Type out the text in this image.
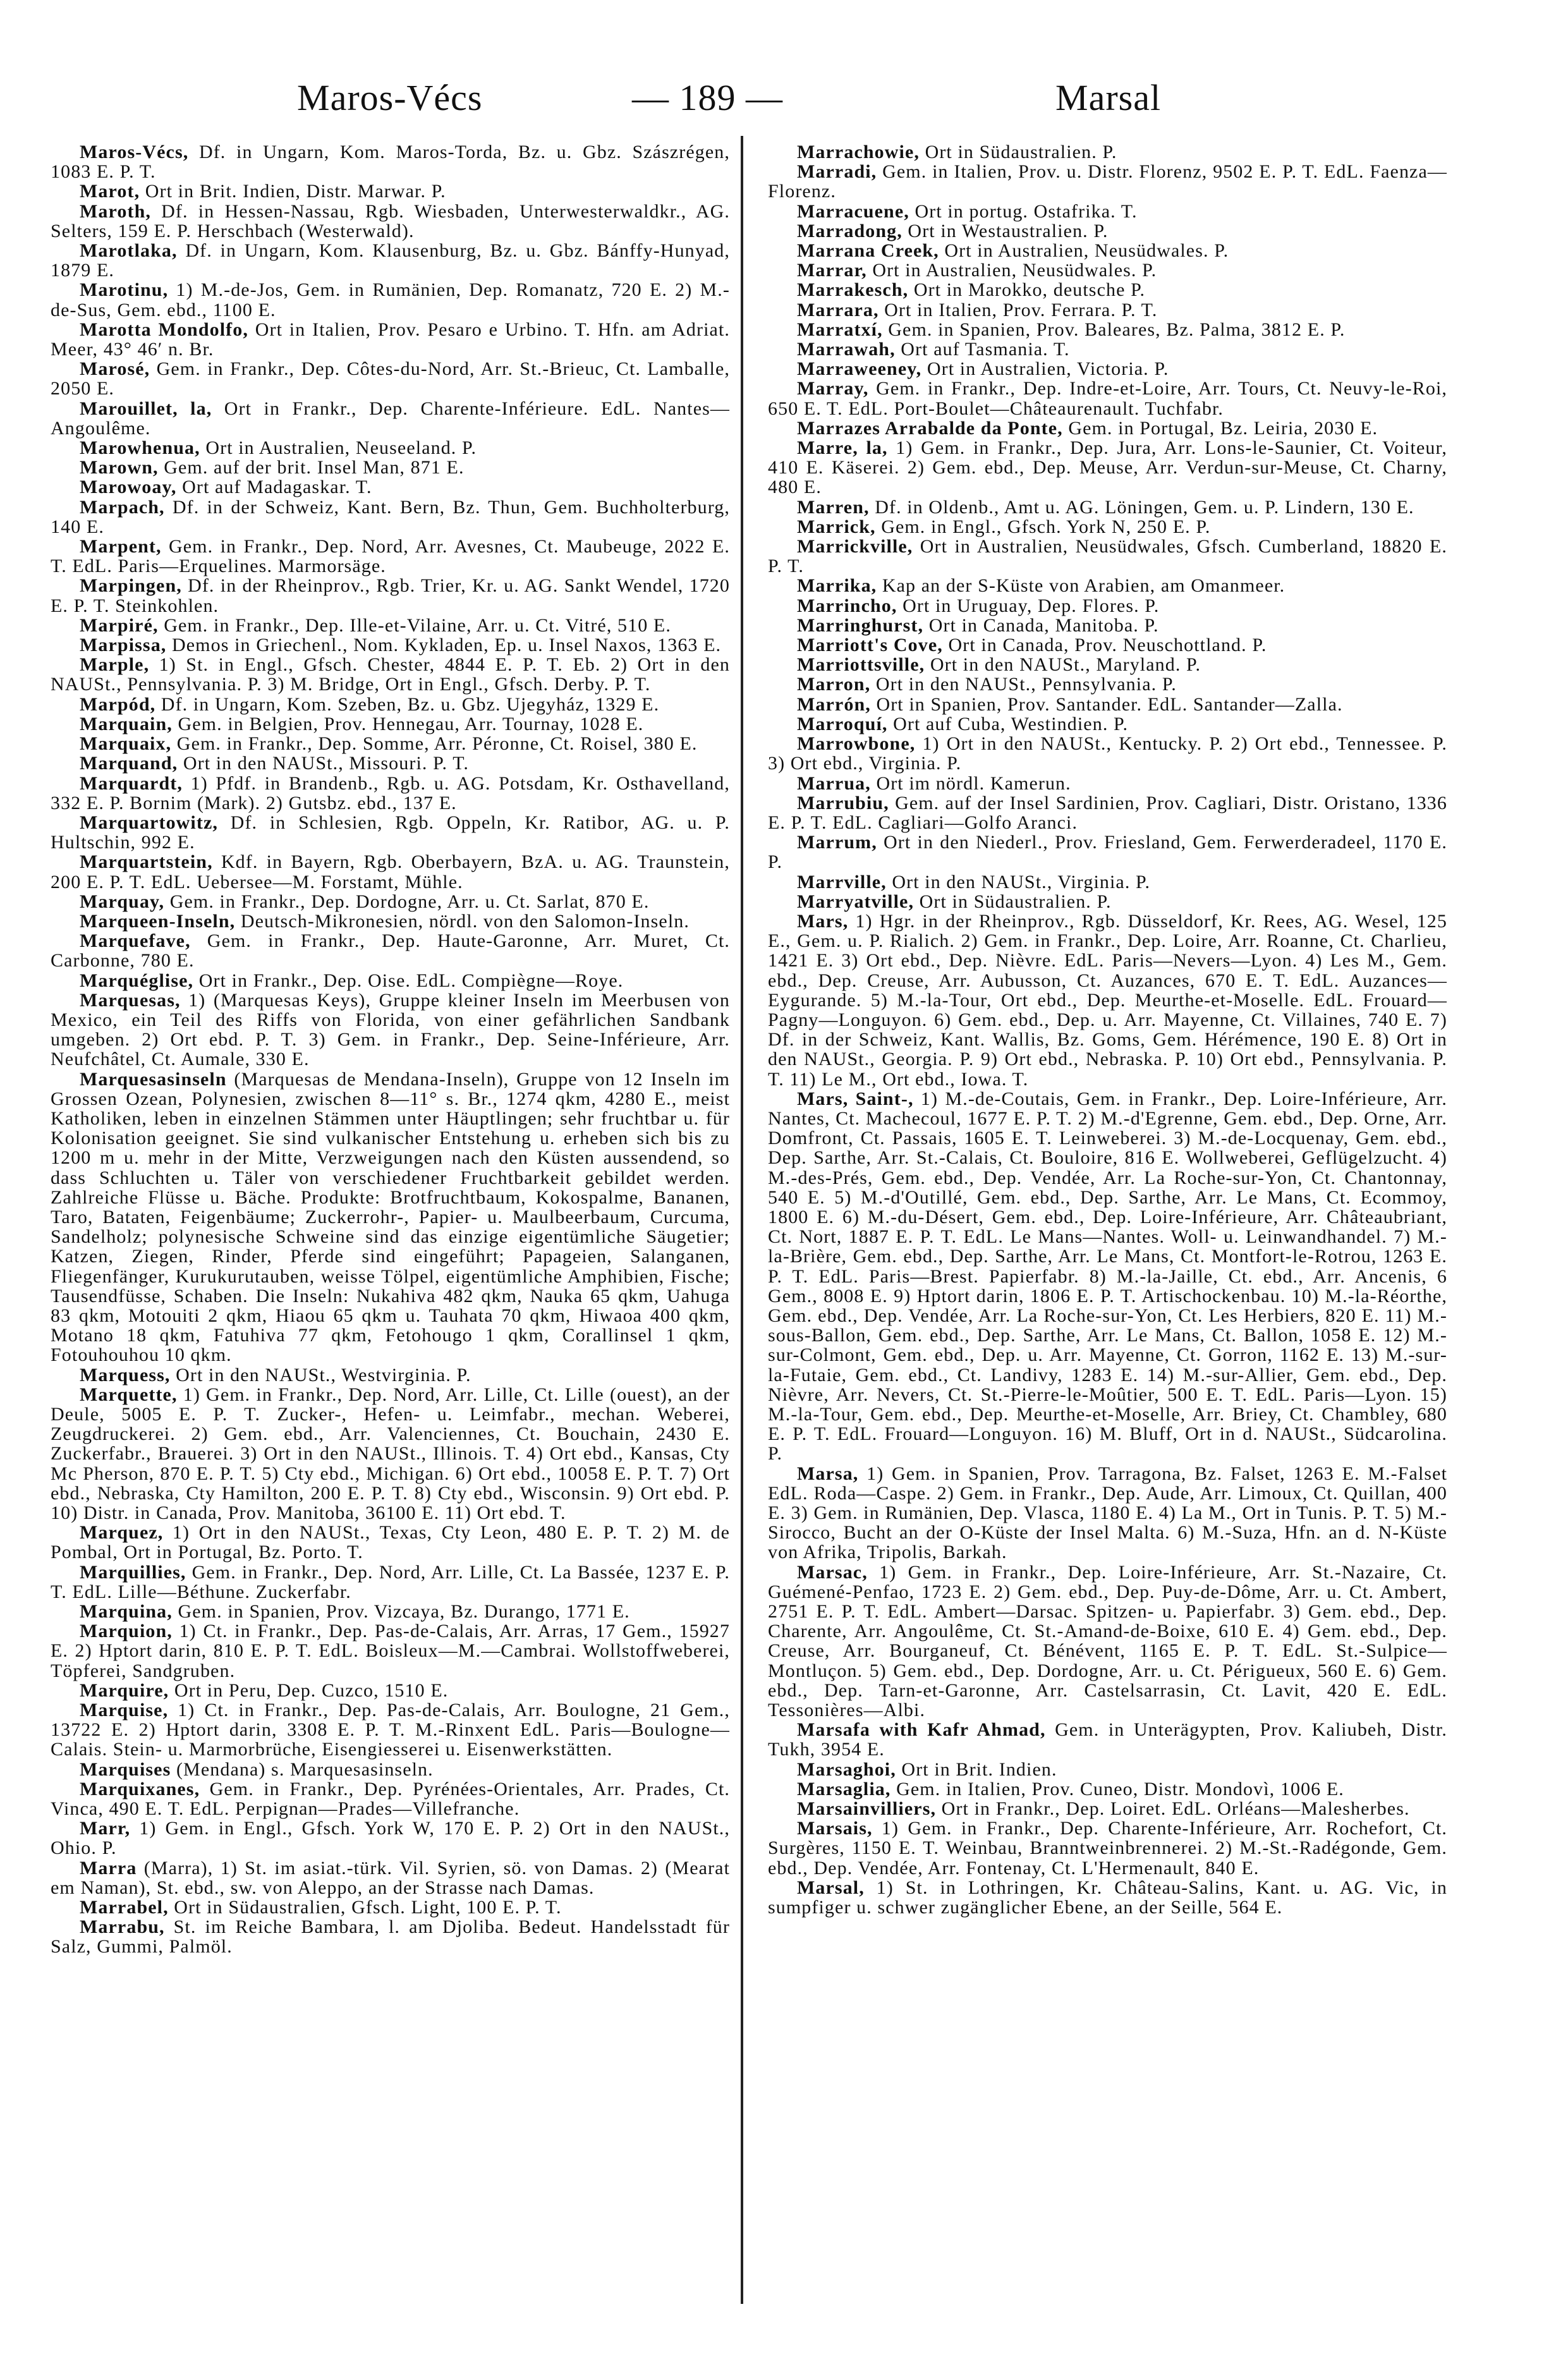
Maros-Vécs	— 189 —	Marsal

Maros-Vécs, Df. in Ungarn, Kom. Maros-Torda, Bz. u. Gbz. Szászrégen, 1083 E. P. T.

Marot, Ort in Brit. Indien, Distr. Marwar. P.

Maroth, Df. in Hessen-Nassau, Rgb. Wiesbaden, Unterwesterwaldkr., AG. Selters, 159 E. P. Herschbach (Westerwald).

Marotlaka, Df. in Ungarn, Kom. Klausenburg, Bz. u. Gbz. Bánffy-Hunyad, 1879 E.

Marotinu, 1) M.-de-Jos, Gem. in Rumänien, Dep. Romanatz, 720 E. 2) M.-de-Sus, Gem. ebd., 1100 E.

Marotta Mondolfo, Ort in Italien, Prov. Pesaro e Urbino. T. Hfn. am Adriat. Meer, 43° 46′ n. Br.

Marosé, Gem. in Frankr., Dep. Côtes-du-Nord, Arr. St.-Brieuc, Ct. Lamballe, 2050 E.

Marouillet, la, Ort in Frankr., Dep. Charente-Inférieure. EdL. Nantes—Angoulême.

Marowhenua, Ort in Australien, Neuseeland. P.

Marown, Gem. auf der brit. Insel Man, 871 E.

Marowoay, Ort auf Madagaskar. T.

Marpach, Df. in der Schweiz, Kant. Bern, Bz. Thun, Gem. Buchholterburg, 140 E.

Marpent, Gem. in Frankr., Dep. Nord, Arr. Avesnes, Ct. Maubeuge, 2022 E. T. EdL. Paris—Erquelines. Marmorsäge.

Marpingen, Df. in der Rheinprov., Rgb. Trier, Kr. u. AG. Sankt Wendel, 1720 E. P. T. Steinkohlen.

Marpiré, Gem. in Frankr., Dep. Ille-et-Vilaine, Arr. u. Ct. Vitré, 510 E.

Marpissa, Demos in Griechenl., Nom. Kykladen, Ep. u. Insel Naxos, 1363 E.

Marple, 1) St. in Engl., Gfsch. Chester, 4844 E. P. T. Eb. 2) Ort in den NAUSt., Pennsylvania. P. 3) M. Bridge, Ort in Engl., Gfsch. Derby. P. T.

Marpód, Df. in Ungarn, Kom. Szeben, Bz. u. Gbz. Ujegyház, 1329 E.

Marquain, Gem. in Belgien, Prov. Hennegau, Arr. Tournay, 1028 E.

Marquaix, Gem. in Frankr., Dep. Somme, Arr. Péronne, Ct. Roisel, 380 E.

Marquand, Ort in den NAUSt., Missouri. P. T.

Marquardt, 1) Pfdf. in Brandenb., Rgb. u. AG. Potsdam, Kr. Osthavelland, 332 E. P. Bornim (Mark). 2) Gutsbz. ebd., 137 E.

Marquartowitz, Df. in Schlesien, Rgb. Oppeln, Kr. Ratibor, AG. u. P. Hultschin, 992 E.

Marquartstein, Kdf. in Bayern, Rgb. Oberbayern, BzA. u. AG. Traunstein, 200 E. P. T. EdL. Uebersee—M. Forstamt, Mühle.

Marquay, Gem. in Frankr., Dep. Dordogne, Arr. u. Ct. Sarlat, 870 E.

Marqueen-Inseln, Deutsch-Mikronesien, nördl. von den Salomon-Inseln.

Marquefave, Gem. in Frankr., Dep. Haute-Garonne, Arr. Muret, Ct. Carbonne, 780 E.

Marquéglise, Ort in Frankr., Dep. Oise. EdL. Compiègne—Roye.

Marquesas, 1) (Marquesas Keys), Gruppe kleiner Inseln im Meerbusen von Mexico, ein Teil des Riffs von Florida, von einer gefährlichen Sandbank umgeben. 2) Ort ebd. P. T. 3) Gem. in Frankr., Dep. Seine-Inférieure, Arr. Neufchâtel, Ct. Aumale, 330 E.

Marquesasinseln (Marquesas de Mendana-Inseln), Gruppe von 12 Inseln im Grossen Ozean, Polynesien, zwischen 8—11° s. Br., 1274 qkm, 4280 E., meist Katholiken, leben in einzelnen Stämmen unter Häuptlingen; sehr fruchtbar u. für Kolonisation geeignet. Sie sind vulkanischer Entstehung u. erheben sich bis zu 1200 m u. mehr in der Mitte, Verzweigungen nach den Küsten aussendend, so dass Schluchten u. Täler von verschiedener Fruchtbarkeit gebildet werden. Zahlreiche Flüsse u. Bäche. Produkte: Brotfruchtbaum, Kokospalme, Bananen, Taro, Bataten, Feigenbäume; Zuckerrohr-, Papier- u. Maulbeerbaum, Curcuma, Sandelholz; polynesische Schweine sind das einzige eigentümliche Säugetier; Katzen, Ziegen, Rinder, Pferde sind eingeführt; Papageien, Salanganen, Fliegenfänger, Kurukurutauben, weisse Tölpel, eigentümliche Amphibien, Fische; Tausendfüsse, Schaben. Die Inseln: Nukahiva 482 qkm, Nauka 65 qkm, Uahuga 83 qkm, Motouiti 2 qkm, Hiaou 65 qkm u. Tauhata 70 qkm, Hiwaoa 400 qkm, Motano 18 qkm, Fatuhiva 77 qkm, Fetohougo 1 qkm, Corallinsel 1 qkm, Fotouhouhou 10 qkm.

Marquess, Ort in den NAUSt., Westvirginia. P.

Marquette, 1) Gem. in Frankr., Dep. Nord, Arr. Lille, Ct. Lille (ouest), an der Deule, 5005 E. P. T. Zucker-, Hefen- u. Leimfabr., mechan. Weberei, Zeugdruckerei. 2) Gem. ebd., Arr. Valenciennes, Ct. Bouchain, 2430 E. Zuckerfabr., Brauerei. 3) Ort in den NAUSt., Illinois. T. 4) Ort ebd., Kansas, Cty Mc Pherson, 870 E. P. T. 5) Cty ebd., Michigan. 6) Ort ebd., 10058 E. P. T. 7) Ort ebd., Nebraska, Cty Hamilton, 200 E. P. T. 8) Cty ebd., Wisconsin. 9) Ort ebd. P. 10) Distr. in Canada, Prov. Manitoba, 36100 E. 11) Ort ebd. T.

Marquez, 1) Ort in den NAUSt., Texas, Cty Leon, 480 E. P. T. 2) M. de Pombal, Ort in Portugal, Bz. Porto. T.

Marquillies, Gem. in Frankr., Dep. Nord, Arr. Lille, Ct. La Bassée, 1237 E. P. T. EdL. Lille—Béthune. Zuckerfabr.

Marquina, Gem. in Spanien, Prov. Vizcaya, Bz. Durango, 1771 E.

Marquion, 1) Ct. in Frankr., Dep. Pas-de-Calais, Arr. Arras, 17 Gem., 15927 E. 2) Hptort darin, 810 E. P. T. EdL. Boisleux—M.—Cambrai. Wollstoffweberei, Töpferei, Sandgruben.

Marquire, Ort in Peru, Dep. Cuzco, 1510 E.

Marquise, 1) Ct. in Frankr., Dep. Pas-de-Calais, Arr. Boulogne, 21 Gem., 13722 E. 2) Hptort darin, 3308 E. P. T. M.-Rinxent EdL. Paris—Boulogne—Calais. Stein- u. Marmorbrüche, Eisengiesserei u. Eisenwerkstätten.

Marquises (Mendana) s. Marquesasinseln.

Marquixanes, Gem. in Frankr., Dep. Pyrénées-Orientales, Arr. Prades, Ct. Vinca, 490 E. T. EdL. Perpignan—Prades—Villefranche.

Marr, 1) Gem. in Engl., Gfsch. York W, 170 E. P. 2) Ort in den NAUSt., Ohio. P.

Marra (Marra), 1) St. im asiat.-türk. Vil. Syrien, sö. von Damas. 2) (Mearat em Naman), St. ebd., sw. von Aleppo, an der Strasse nach Damas.

Marrabel, Ort in Südaustralien, Gfsch. Light, 100 E. P. T.

Marrabu, St. im Reiche Bambara, l. am Djoliba. Bedeut. Handelsstadt für Salz, Gummi, Palmöl.

Marrachowie, Ort in Südaustralien. P.

Marradi, Gem. in Italien, Prov. u. Distr. Florenz, 9502 E. P. T. EdL. Faenza—Florenz.

Marracuene, Ort in portug. Ostafrika. T.

Marradong, Ort in Westaustralien. P.

Marrana Creek, Ort in Australien, Neusüdwales. P.

Marrar, Ort in Australien, Neusüdwales. P.

Marrakesch, Ort in Marokko, deutsche P.

Marrara, Ort in Italien, Prov. Ferrara. P. T.

Marratxí, Gem. in Spanien, Prov. Baleares, Bz. Palma, 3812 E. P.

Marrawah, Ort auf Tasmania. T.

Marraweeney, Ort in Australien, Victoria. P.

Marray, Gem. in Frankr., Dep. Indre-et-Loire, Arr. Tours, Ct. Neuvy-le-Roi, 650 E. T. EdL. Port-Boulet—Châteaurenault. Tuchfabr.

Marrazes Arrabalde da Ponte, Gem. in Portugal, Bz. Leiria, 2030 E.

Marre, la, 1) Gem. in Frankr., Dep. Jura, Arr. Lons-le-Saunier, Ct. Voiteur, 410 E. Käserei. 2) Gem. ebd., Dep. Meuse, Arr. Verdun-sur-Meuse, Ct. Charny, 480 E.

Marren, Df. in Oldenb., Amt u. AG. Löningen, Gem. u. P. Lindern, 130 E.

Marrick, Gem. in Engl., Gfsch. York N, 250 E. P.

Marrickville, Ort in Australien, Neusüdwales, Gfsch. Cumberland, 18820 E. P. T.

Marrika, Kap an der S-Küste von Arabien, am Omanmeer.

Marrincho, Ort in Uruguay, Dep. Flores. P.

Marringhurst, Ort in Canada, Manitoba. P.

Marriott's Cove, Ort in Canada, Prov. Neuschottland. P.

Marriottsville, Ort in den NAUSt., Maryland. P.

Marron, Ort in den NAUSt., Pennsylvania. P.

Marrón, Ort in Spanien, Prov. Santander. EdL. Santander—Zalla.

Marroquí, Ort auf Cuba, Westindien. P.

Marrowbone, 1) Ort in den NAUSt., Kentucky. P. 2) Ort ebd., Tennessee. P. 3) Ort ebd., Virginia. P.

Marrua, Ort im nördl. Kamerun.

Marrubiu, Gem. auf der Insel Sardinien, Prov. Cagliari, Distr. Oristano, 1336 E. P. T. EdL. Cagliari—Golfo Aranci.

Marrum, Ort in den Niederl., Prov. Friesland, Gem. Ferwerderadeel, 1170 E. P.

Marrville, Ort in den NAUSt., Virginia. P.

Marryatville, Ort in Südaustralien. P.

Mars, 1) Hgr. in der Rheinprov., Rgb. Düsseldorf, Kr. Rees, AG. Wesel, 125 E., Gem. u. P. Rialich. 2) Gem. in Frankr., Dep. Loire, Arr. Roanne, Ct. Charlieu, 1421 E. 3) Ort ebd., Dep. Nièvre. EdL. Paris—Nevers—Lyon. 4) Les M., Gem. ebd., Dep. Creuse, Arr. Aubusson, Ct. Auzances, 670 E. T. EdL. Auzances—Eygurande. 5) M.-la-Tour, Ort ebd., Dep. Meurthe-et-Moselle. EdL. Frouard—Pagny—Longuyon. 6) Gem. ebd., Dep. u. Arr. Mayenne, Ct. Villaines, 740 E. 7) Df. in der Schweiz, Kant. Wallis, Bz. Goms, Gem. Hérémence, 190 E. 8) Ort in den NAUSt., Georgia. P. 9) Ort ebd., Nebraska. P. 10) Ort ebd., Pennsylvania. P. T. 11) Le M., Ort ebd., Iowa. T.

Mars, Saint-, 1) M.-de-Coutais, Gem. in Frankr., Dep. Loire-Inférieure, Arr. Nantes, Ct. Machecoul, 1677 E. P. T. 2) M.-d'Egrenne, Gem. ebd., Dep. Orne, Arr. Domfront, Ct. Passais, 1605 E. T. Leinweberei. 3) M.-de-Locquenay, Gem. ebd., Dep. Sarthe, Arr. St.-Calais, Ct. Bouloire, 816 E. Wollweberei, Geflügelzucht. 4) M.-des-Prés, Gem. ebd., Dep. Vendée, Arr. La Roche-sur-Yon, Ct. Chantonnay, 540 E. 5) M.-d'Outillé, Gem. ebd., Dep. Sarthe, Arr. Le Mans, Ct. Ecommoy, 1800 E. 6) M.-du-Désert, Gem. ebd., Dep. Loire-Inférieure, Arr. Châteaubriant, Ct. Nort, 1887 E. P. T. EdL. Le Mans—Nantes. Woll- u. Leinwandhandel. 7) M.-la-Brière, Gem. ebd., Dep. Sarthe, Arr. Le Mans, Ct. Montfort-le-Rotrou, 1263 E. P. T. EdL. Paris—Brest. Papierfabr. 8) M.-la-Jaille, Ct. ebd., Arr. Ancenis, 6 Gem., 8008 E. 9) Hptort darin, 1806 E. P. T. Artischockenbau. 10) M.-la-Réorthe, Gem. ebd., Dep. Vendée, Arr. La Roche-sur-Yon, Ct. Les Herbiers, 820 E. 11) M.-sous-Ballon, Gem. ebd., Dep. Sarthe, Arr. Le Mans, Ct. Ballon, 1058 E. 12) M.-sur-Colmont, Gem. ebd., Dep. u. Arr. Mayenne, Ct. Gorron, 1162 E. 13) M.-sur-la-Futaie, Gem. ebd., Ct. Landivy, 1283 E. 14) M.-sur-Allier, Gem. ebd., Dep. Nièvre, Arr. Nevers, Ct. St.-Pierre-le-Moûtier, 500 E. T. EdL. Paris—Lyon. 15) M.-la-Tour, Gem. ebd., Dep. Meurthe-et-Moselle, Arr. Briey, Ct. Chambley, 680 E. P. T. EdL. Frouard—Longuyon. 16) M. Bluff, Ort in d. NAUSt., Südcarolina. P.

Marsa, 1) Gem. in Spanien, Prov. Tarragona, Bz. Falset, 1263 E. M.-Falset EdL. Roda—Caspe. 2) Gem. in Frankr., Dep. Aude, Arr. Limoux, Ct. Quillan, 400 E. 3) Gem. in Rumänien, Dep. Vlasca, 1180 E. 4) La M., Ort in Tunis. P. T. 5) M.-Sirocco, Bucht an der O-Küste der Insel Malta. 6) M.-Suza, Hfn. an d. N-Küste von Afrika, Tripolis, Barkah.

Marsac, 1) Gem. in Frankr., Dep. Loire-Inférieure, Arr. St.-Nazaire, Ct. Guémené-Penfao, 1723 E. 2) Gem. ebd., Dep. Puy-de-Dôme, Arr. u. Ct. Ambert, 2751 E. P. T. EdL. Ambert—Darsac. Spitzen- u. Papierfabr. 3) Gem. ebd., Dep. Charente, Arr. Angoulême, Ct. St.-Amand-de-Boixe, 610 E. 4) Gem. ebd., Dep. Creuse, Arr. Bourganeuf, Ct. Bénévent, 1165 E. P. T. EdL. St.-Sulpice—Montluçon. 5) Gem. ebd., Dep. Dordogne, Arr. u. Ct. Périgueux, 560 E. 6) Gem. ebd., Dep. Tarn-et-Garonne, Arr. Castelsarrasin, Ct. Lavit, 420 E. EdL. Tessonières—Albi.

Marsafa with Kafr Ahmad, Gem. in Unterägypten, Prov. Kaliubeh, Distr. Tukh, 3954 E.

Marsaghoi, Ort in Brit. Indien.

Marsaglia, Gem. in Italien, Prov. Cuneo, Distr. Mondovì, 1006 E.

Marsainvilliers, Ort in Frankr., Dep. Loiret. EdL. Orléans—Malesherbes.

Marsais, 1) Gem. in Frankr., Dep. Charente-Inférieure, Arr. Rochefort, Ct. Surgères, 1150 E. T. Weinbau, Branntweinbrennerei. 2) M.-St.-Radégonde, Gem. ebd., Dep. Vendée, Arr. Fontenay, Ct. L'Hermenault, 840 E.

Marsal, 1) St. in Lothringen, Kr. Château-Salins, Kant. u. AG. Vic, in sumpfiger u. schwer zugänglicher Ebene, an der Seille, 564 E.
